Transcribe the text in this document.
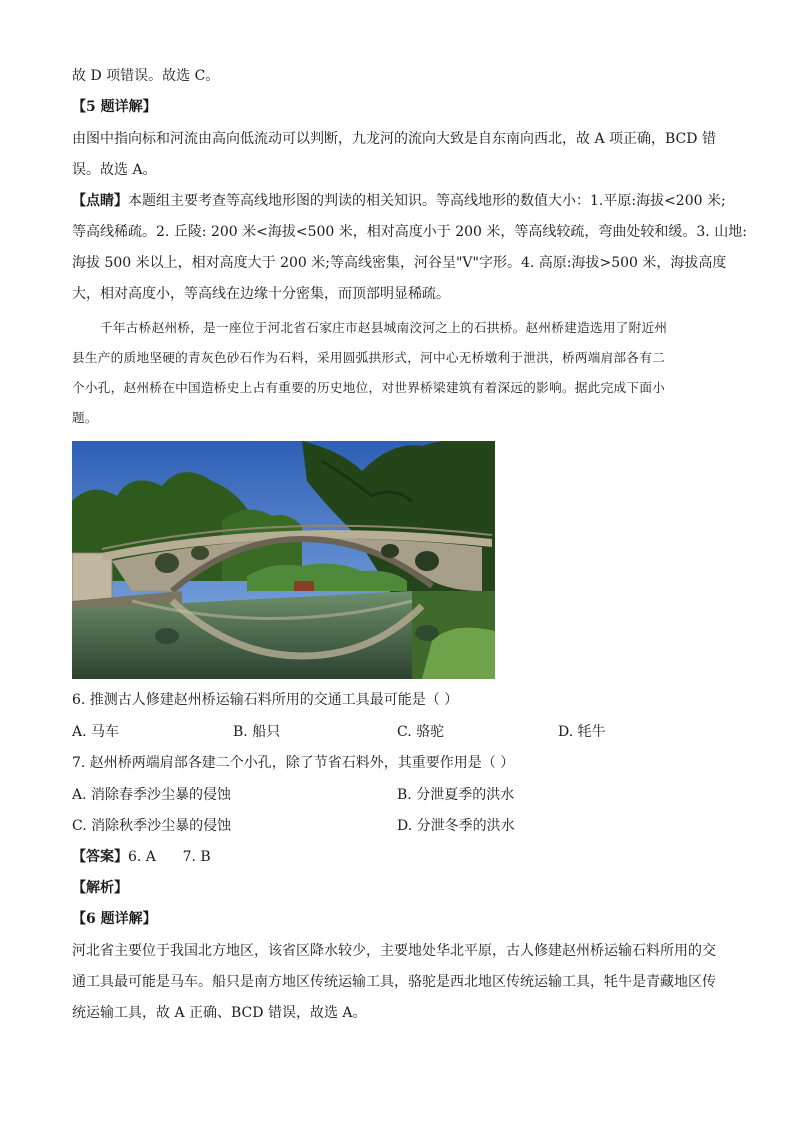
故 D 项错误。故选 C。
【5 题详解】
由图中指向标和河流由高向低流动可以判断，九龙河的流向大致是自东南向西北，故 A 项正确，BCD 错
误。故选 A。
【点睛】本题组主要考查等高线地形图的判读的相关知识。等高线地形的数值大小：1.平原:海拔<200 米;
等高线稀疏。2. 丘陵: 200 米<海拔<500 米，相对高度小于 200 米，等高线较疏，弯曲处较和缓。3. 山地:
海拔 500 米以上，相对高度大于 200 米;等高线密集，河谷呈"V"字形。4. 高原:海拔>500 米，海拔高度
大，相对高度小，等高线在边缘十分密集，而顶部明显稀疏。
千年古桥赵州桥，是一座位于河北省石家庄市赵县城南洨河之上的石拱桥。赵州桥建造选用了附近州
县生产的质地坚硬的青灰色砂石作为石料，采用圆弧拱形式，河中心无桥墩利于泄洪，桥两端肩部各有二
个小孔，赵州桥在中国造桥史上占有重要的历史地位，对世界桥梁建筑有着深远的影响。据此完成下面小
题。
6. 推测古人修建赵州桥运输石料所用的交通工具最可能是（ ）
A. 马车	B. 船只	C. 骆驼	D. 牦牛
7. 赵州桥两端肩部各建二个小孔，除了节省石料外，其重要作用是（ ）
A. 消除春季沙尘暴的侵蚀	B. 分泄夏季的洪水
C. 消除秋季沙尘暴的侵蚀	D. 分泄冬季的洪水
【答案】6. A      7. B
【解析】
【6 题详解】
河北省主要位于我国北方地区，该省区降水较少，主要地处华北平原，古人修建赵州桥运输石料所用的交
通工具最可能是马车。船只是南方地区传统运输工具，骆驼是西北地区传统运输工具，牦牛是青藏地区传
统运输工具，故 A 正确、BCD 错误，故选 A。
